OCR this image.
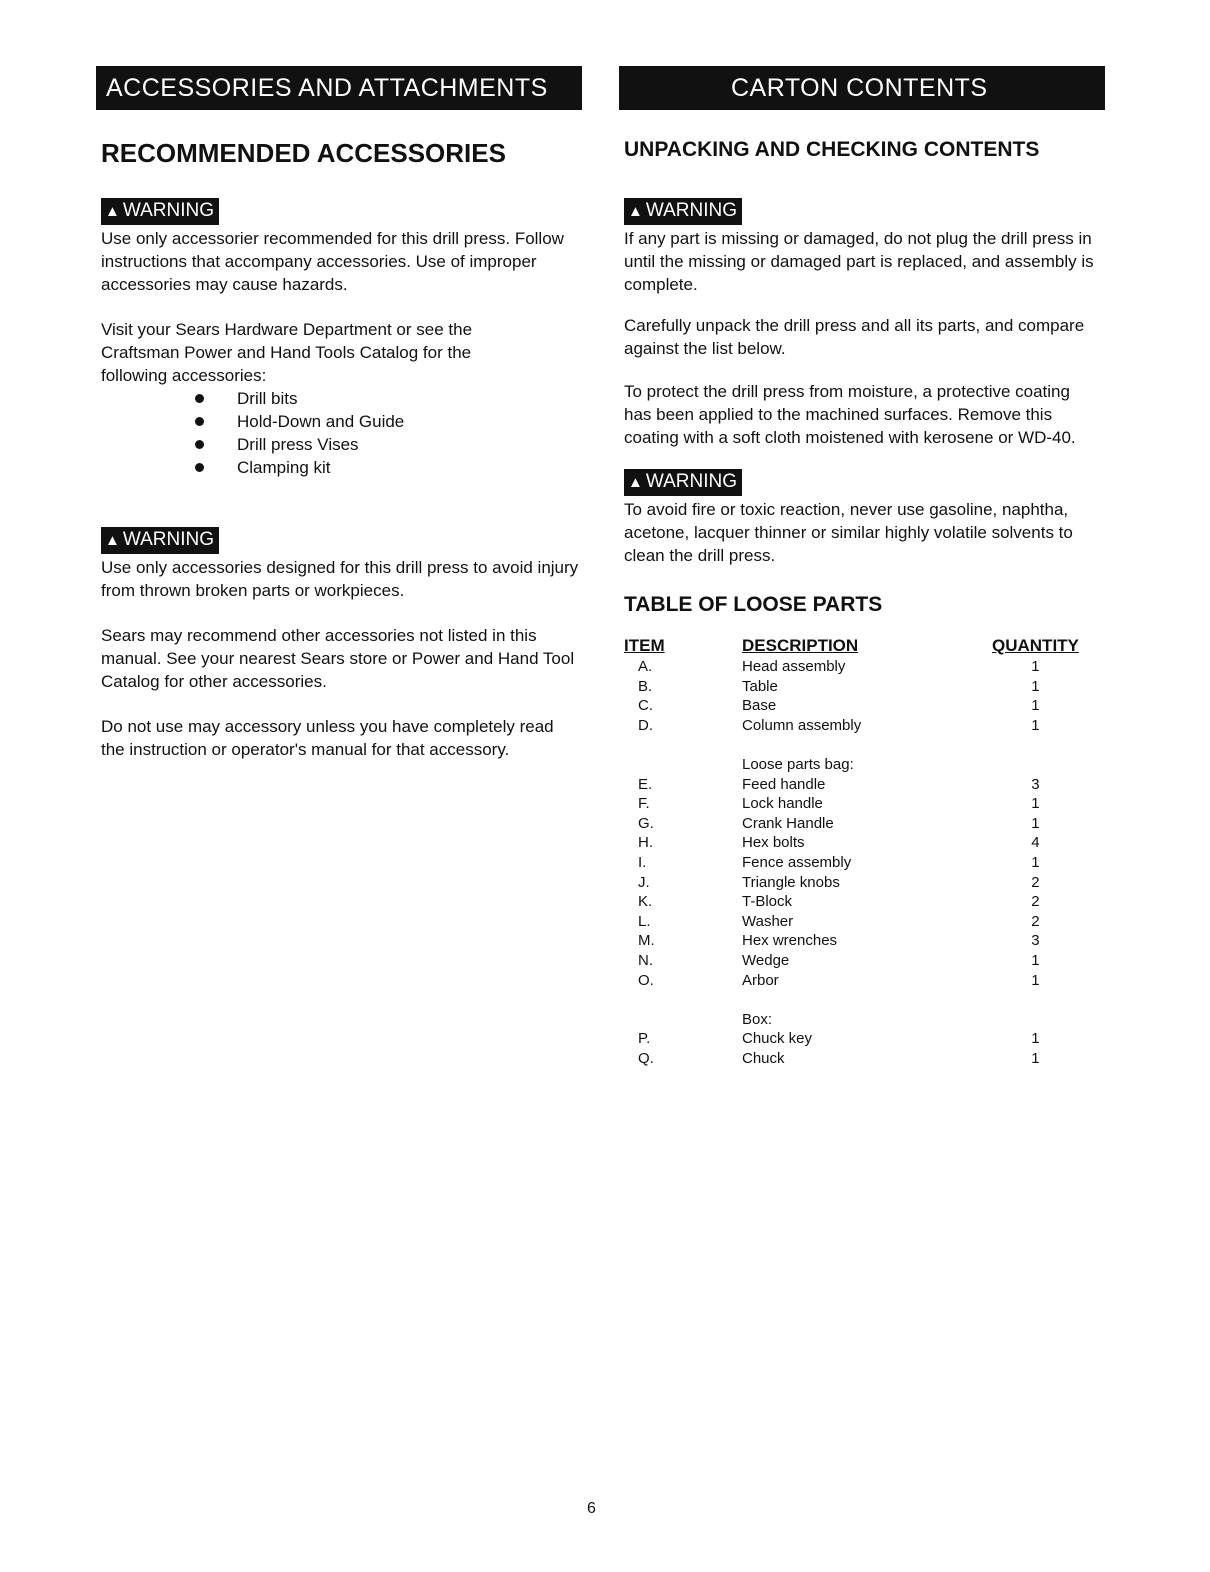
ACCESSORIES AND ATTACHMENTS	CARTON CONTENTS
RECOMMENDED ACCESSORIES
▲ WARNING

Use only accessorier recommended for this drill press. Follow instructions that accompany accessories. Use of improper accessories may cause hazards.

Visit your Sears Hardware Department or see the Craftsman Power and Hand Tools Catalog for the following accessories:

Drill bits
Hold-Down and Guide
Drill press Vises
Clamping kit
▲ WARNING

Use only accessories designed for this drill press to avoid injury from thrown broken parts or workpieces.

Sears may recommend other accessories not listed in this manual. See your nearest Sears store or Power and Hand Tool Catalog for other accessories.

Do not use may accessory unless you have completely read the instruction or operator's manual for that accessory.

UNPACKING AND CHECKING CONTENTS
▲ WARNING

If any part is missing or damaged, do not plug the drill press in until the missing or damaged part is replaced, and assembly is complete.

Carefully unpack the drill press and all its parts, and compare against the list below.

To protect the drill press from moisture, a protective coating has been applied to the machined surfaces. Remove this coating with a soft cloth moistened with kerosene or WD-40.

▲ WARNING

To avoid fire or toxic reaction, never use gasoline, naphtha, acetone, lacquer thinner or similar highly volatile solvents to clean the drill press.

TABLE OF LOOSE PARTS
ITEM	DESCRIPTION	QUANTITY
A.	Head assembly	1
B.	Table	1
C.	Base	1
D.	Column assembly	1

	Loose parts bag:	
E.	Feed handle	3
F.	Lock handle	1
G.	Crank Handle	1
H.	Hex bolts	4
I.	Fence assembly	1
J.	Triangle knobs	2
K.	T-Block	2
L.	Washer	2
M.	Hex wrenches	3
N.	Wedge	1
O.	Arbor	1

	Box:	
P.	Chuck key	1
Q.	Chuck	1
6
